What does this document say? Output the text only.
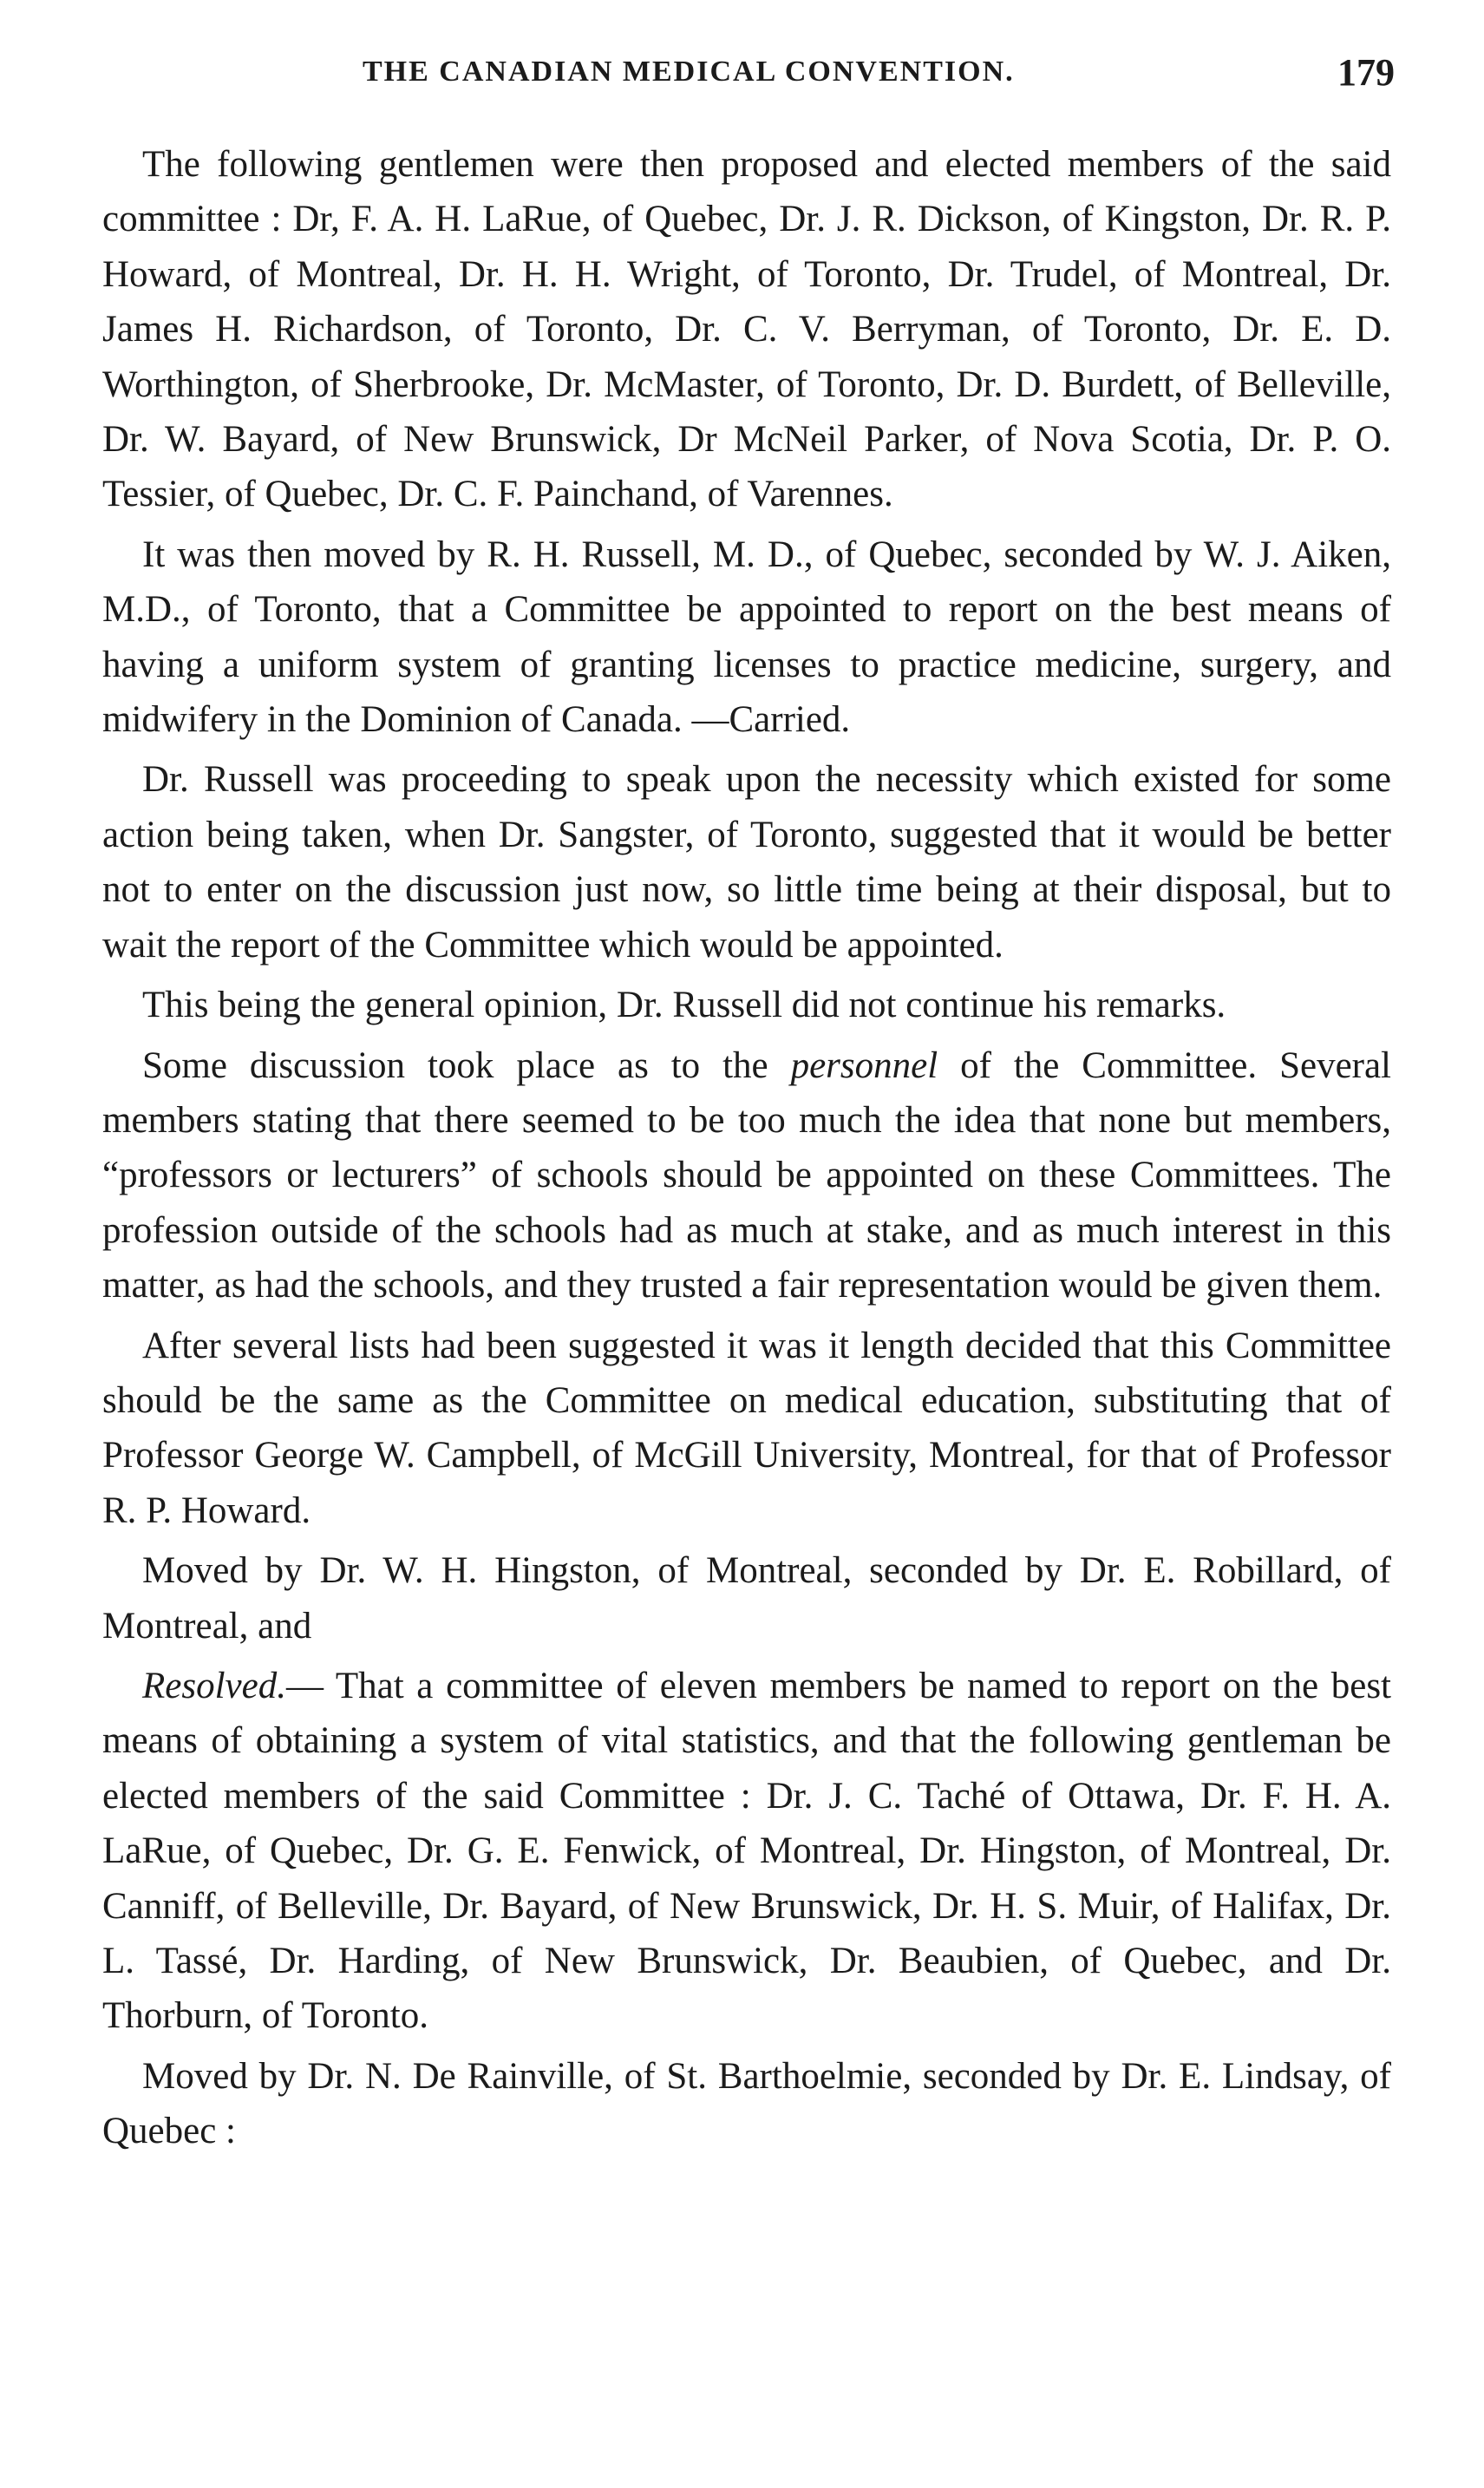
THE CANADIAN MEDICAL CONVENTION.	179

The following gentlemen were then proposed and elected members of the said committee : Dr, F. A. H. LaRue, of Quebec, Dr. J. R. Dickson, of Kingston, Dr. R. P. Howard, of Montreal, Dr. H. H. Wright, of Toronto, Dr. Trudel, of Montreal, Dr. James H. Richardson, of Toronto, Dr. C. V. Berryman, of Toronto, Dr. E. D. Worthington, of Sherbrooke, Dr. McMaster, of Toronto, Dr. D. Burdett, of Belleville, Dr. W. Bayard, of New Brunswick, Dr McNeil Parker, of Nova Scotia, Dr. P. O. Tessier, of Quebec, Dr. C. F. Painchand, of Varennes.

It was then moved by R. H. Russell, M. D., of Quebec, seconded by W. J. Aiken, M.D., of Toronto, that a Committee be appointed to report on the best means of having a uniform system of granting licenses to practice medicine, surgery, and midwifery in the Dominion of Canada. —Carried.

Dr. Russell was proceeding to speak upon the necessity which existed for some action being taken, when Dr. Sangster, of Toronto, suggested that it would be better not to enter on the discussion just now, so little time being at their disposal, but to wait the report of the Committee which would be appointed.

This being the general opinion, Dr. Russell did not continue his remarks.

Some discussion took place as to the personnel of the Committee. Several members stating that there seemed to be too much the idea that none but members, “professors or lecturers” of schools should be appointed on these Committees. The profession outside of the schools had as much at stake, and as much interest in this matter, as had the schools, and they trusted a fair representation would be given them.

After several lists had been suggested it was it length decided that this Committee should be the same as the Committee on medical education, substituting that of Professor George W. Campbell, of McGill University, Montreal, for that of Professor R. P. Howard.

Moved by Dr. W. H. Hingston, of Montreal, seconded by Dr. E. Robillard, of Montreal, and

Resolved.— That a committee of eleven members be named to report on the best means of obtaining a system of vital statistics, and that the following gentleman be elected members of the said Committee : Dr. J. C. Taché of Ottawa, Dr. F. H. A. LaRue, of Quebec, Dr. G. E. Fenwick, of Montreal, Dr. Hingston, of Montreal, Dr. Canniff, of Belleville, Dr. Bayard, of New Brunswick, Dr. H. S. Muir, of Halifax, Dr. L. Tassé, Dr. Harding, of New Brunswick, Dr. Beaubien, of Quebec, and Dr. Thorburn, of Toronto.

Moved by Dr. N. De Rainville, of St. Barthoelmie, seconded by Dr. E. Lindsay, of Quebec :
